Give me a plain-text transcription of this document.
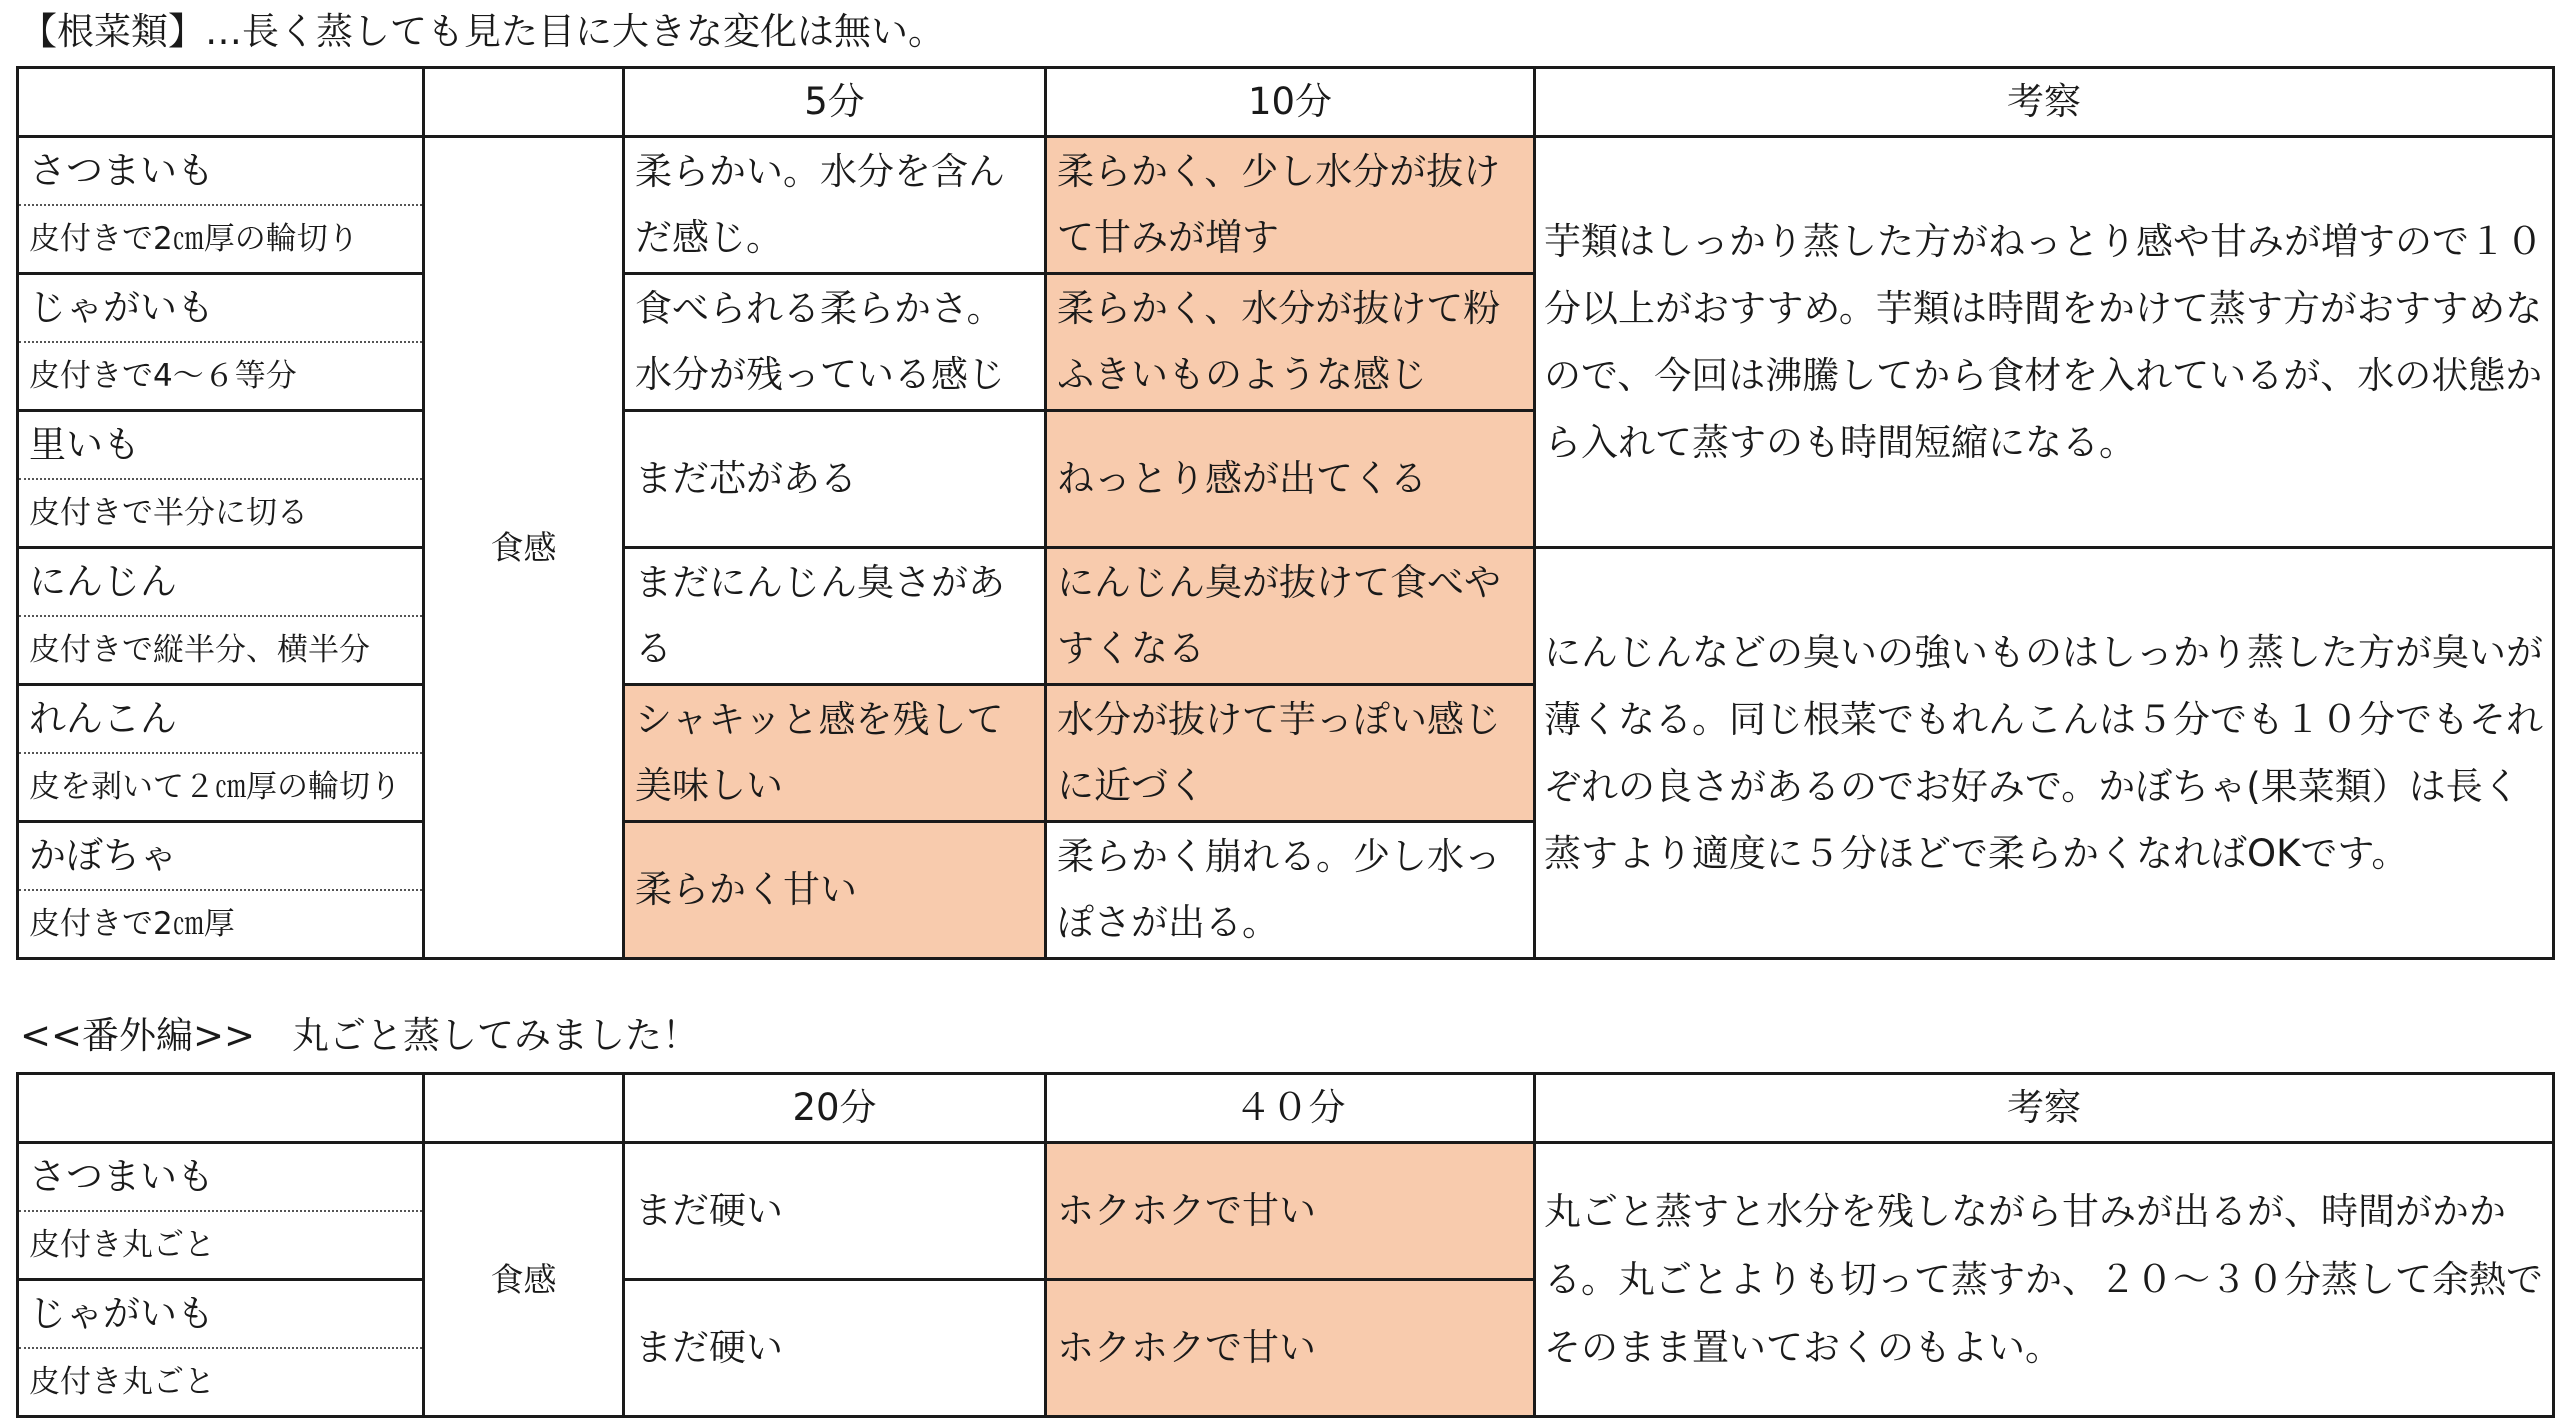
【根菜類】…長く蒸しても見た目に大きな変化は無い。
		5分	10分	考察
さつまいも	食感	柔らかい。水分を含んだ感じ。	柔らかく、少し水分が抜けて甘みが増す	芋類はしっかり蒸した方がねっとり感や甘みが増すので１０分以上がおすすめ。芋類は時間をかけて蒸す方がおすすめなので、今回は沸騰してから食材を入れているが、水の状態から入れて蒸すのも時間短縮になる。
皮付きで2㎝厚の輪切り				
じゃがいも		食べられる柔らかさ。水分が残っている感じ	柔らかく、水分が抜けて粉ふきいものような感じ	
皮付きで4～６等分				
里いも		まだ芯がある	ねっとり感が出てくる	
皮付きで半分に切る				
にんじん		まだにんじん臭さがある	にんじん臭が抜けて食べやすくなる	にんじんなどの臭いの強いものはしっかり蒸した方が臭いが薄くなる。同じ根菜でもれんこんは５分でも１０分でもそれぞれの良さがあるのでお好みで。かぼちゃ(果菜類）は長く蒸すより適度に５分ほどで柔らかくなればOKです。
皮付きで縦半分、横半分				
れんこん		シャキッと感を残して美味しい	水分が抜けて芋っぽい感じに近づく	
皮を剥いて２㎝厚の輪切り				
かぼちゃ		柔らかく甘い	柔らかく崩れる。少し水っぽさが出る。	
皮付きで2㎝厚				
<<番外編>>　丸ごと蒸してみました！
		20分	４０分	考察
さつまいも	食感	まだ硬い	ホクホクで甘い	丸ごと蒸すと水分を残しながら甘みが出るが、時間がかかる。丸ごとよりも切って蒸すか、２０～３０分蒸して余熱でそのまま置いておくのもよい。
皮付き丸ごと				
じゃがいも		まだ硬い	ホクホクで甘い	
皮付き丸ごと				
